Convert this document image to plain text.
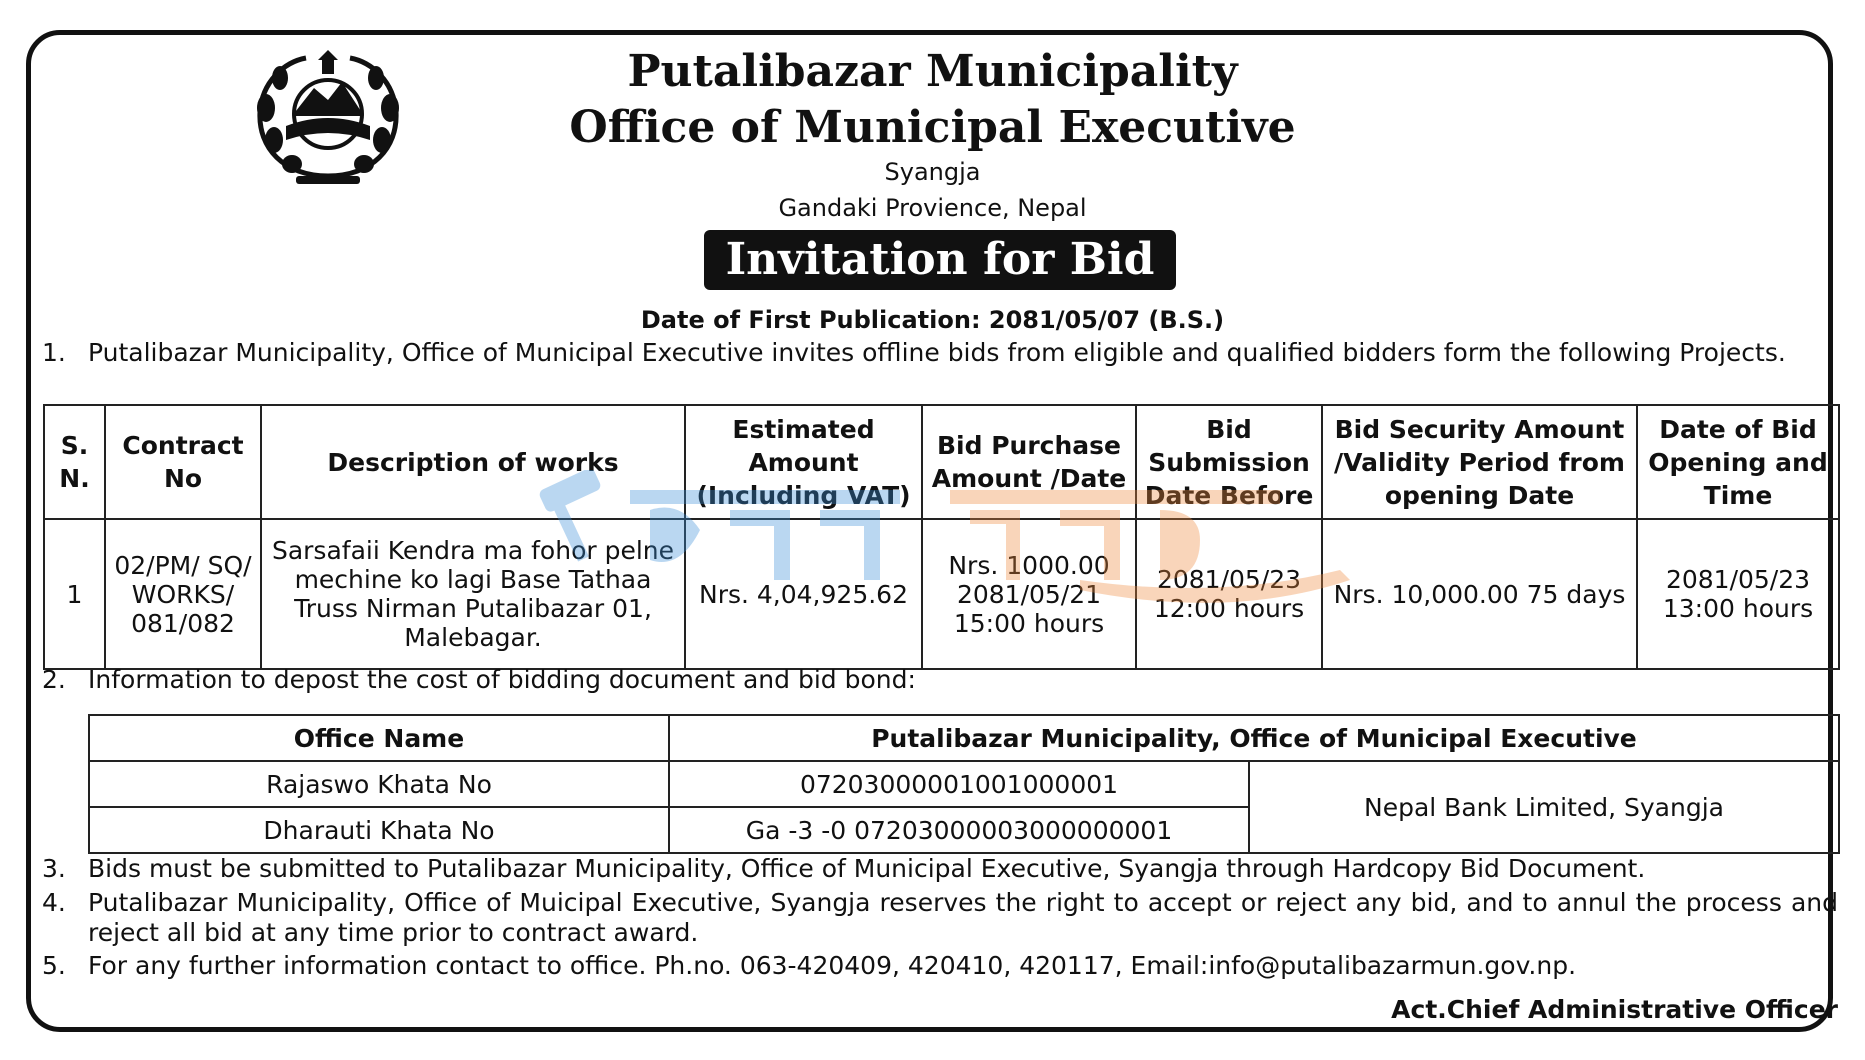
Putalibazar Municipality
Office of Municipal Executive
Syangja
Gandaki Provience, Nepal
Invitation for Bid
Date of First Publication: 2081/05/07 (B.S.)
1. Putalibazar Municipality, Office of Municipal Executive invites offline bids from eligible and qualified bidders form the following Projects.
S. N.	Contract No	Description of works	Estimated Amount (Including VAT)	Bid Purchase Amount /Date	Bid Submission Date Before	Bid Security Amount /Validity Period from opening Date	Date of Bid Opening and Time
1	02/PM/ SQ/ WORKS/ 081/082	Sarsafaii Kendra ma fohor pelne mechine ko lagi Base Tathaa Truss Nirman Putalibazar 01, Malebagar.	Nrs. 4,04,925.62	Nrs. 1000.00 2081/05/21 15:00 hours	2081/05/23 12:00 hours	Nrs. 10,000.00 75 days	2081/05/23 13:00 hours
2. Information to depost the cost of bidding document and bid bond:
Office Name	Putalibazar Municipality, Office of Municipal Executive	
Rajaswo Khata No	07203000001001000001	Nepal Bank Limited, Syangja
Dharauti Khata No	Ga -3 -0 07203000003000000001	
3. Bids must be submitted to Putalibazar Municipality, Office of Municipal Executive, Syangja through Hardcopy Bid Document.
4. Putalibazar Municipality, Office of Muicipal Executive, Syangja reserves the right to accept or reject any bid, and to annul the process and reject all bid at any time prior to contract award.
5. For any further information contact to office. Ph.no. 063-420409, 420410, 420117, Email:info@putalibazarmun.gov.np.
Act.Chief Administrative Officer
